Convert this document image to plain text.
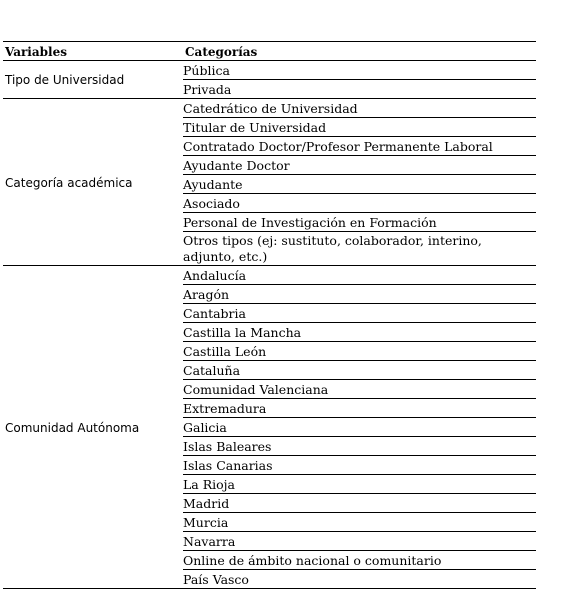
Variables	Categorías
Tipo de Universidad	Pública
	Privada
Categoría académica	Catedrático de Universidad
	Titular de Universidad
	Contratado Doctor/Profesor Permanente Laboral
	Ayudante Doctor
	Ayudante
	Asociado
	Personal de Investigación en Formación
	Otros tipos (ej: sustituto, colaborador, interino, adjunto, etc.)
Comunidad Autónoma	Andalucía
	Aragón
	Cantabria
	Castilla la Mancha
	Castilla León
	Cataluña
	Comunidad Valenciana
	Extremadura
	Galicia
	Islas Baleares
	Islas Canarias
	La Rioja
	Madrid
	Murcia
	Navarra
	Online de ámbito nacional o comunitario
	País Vasco
